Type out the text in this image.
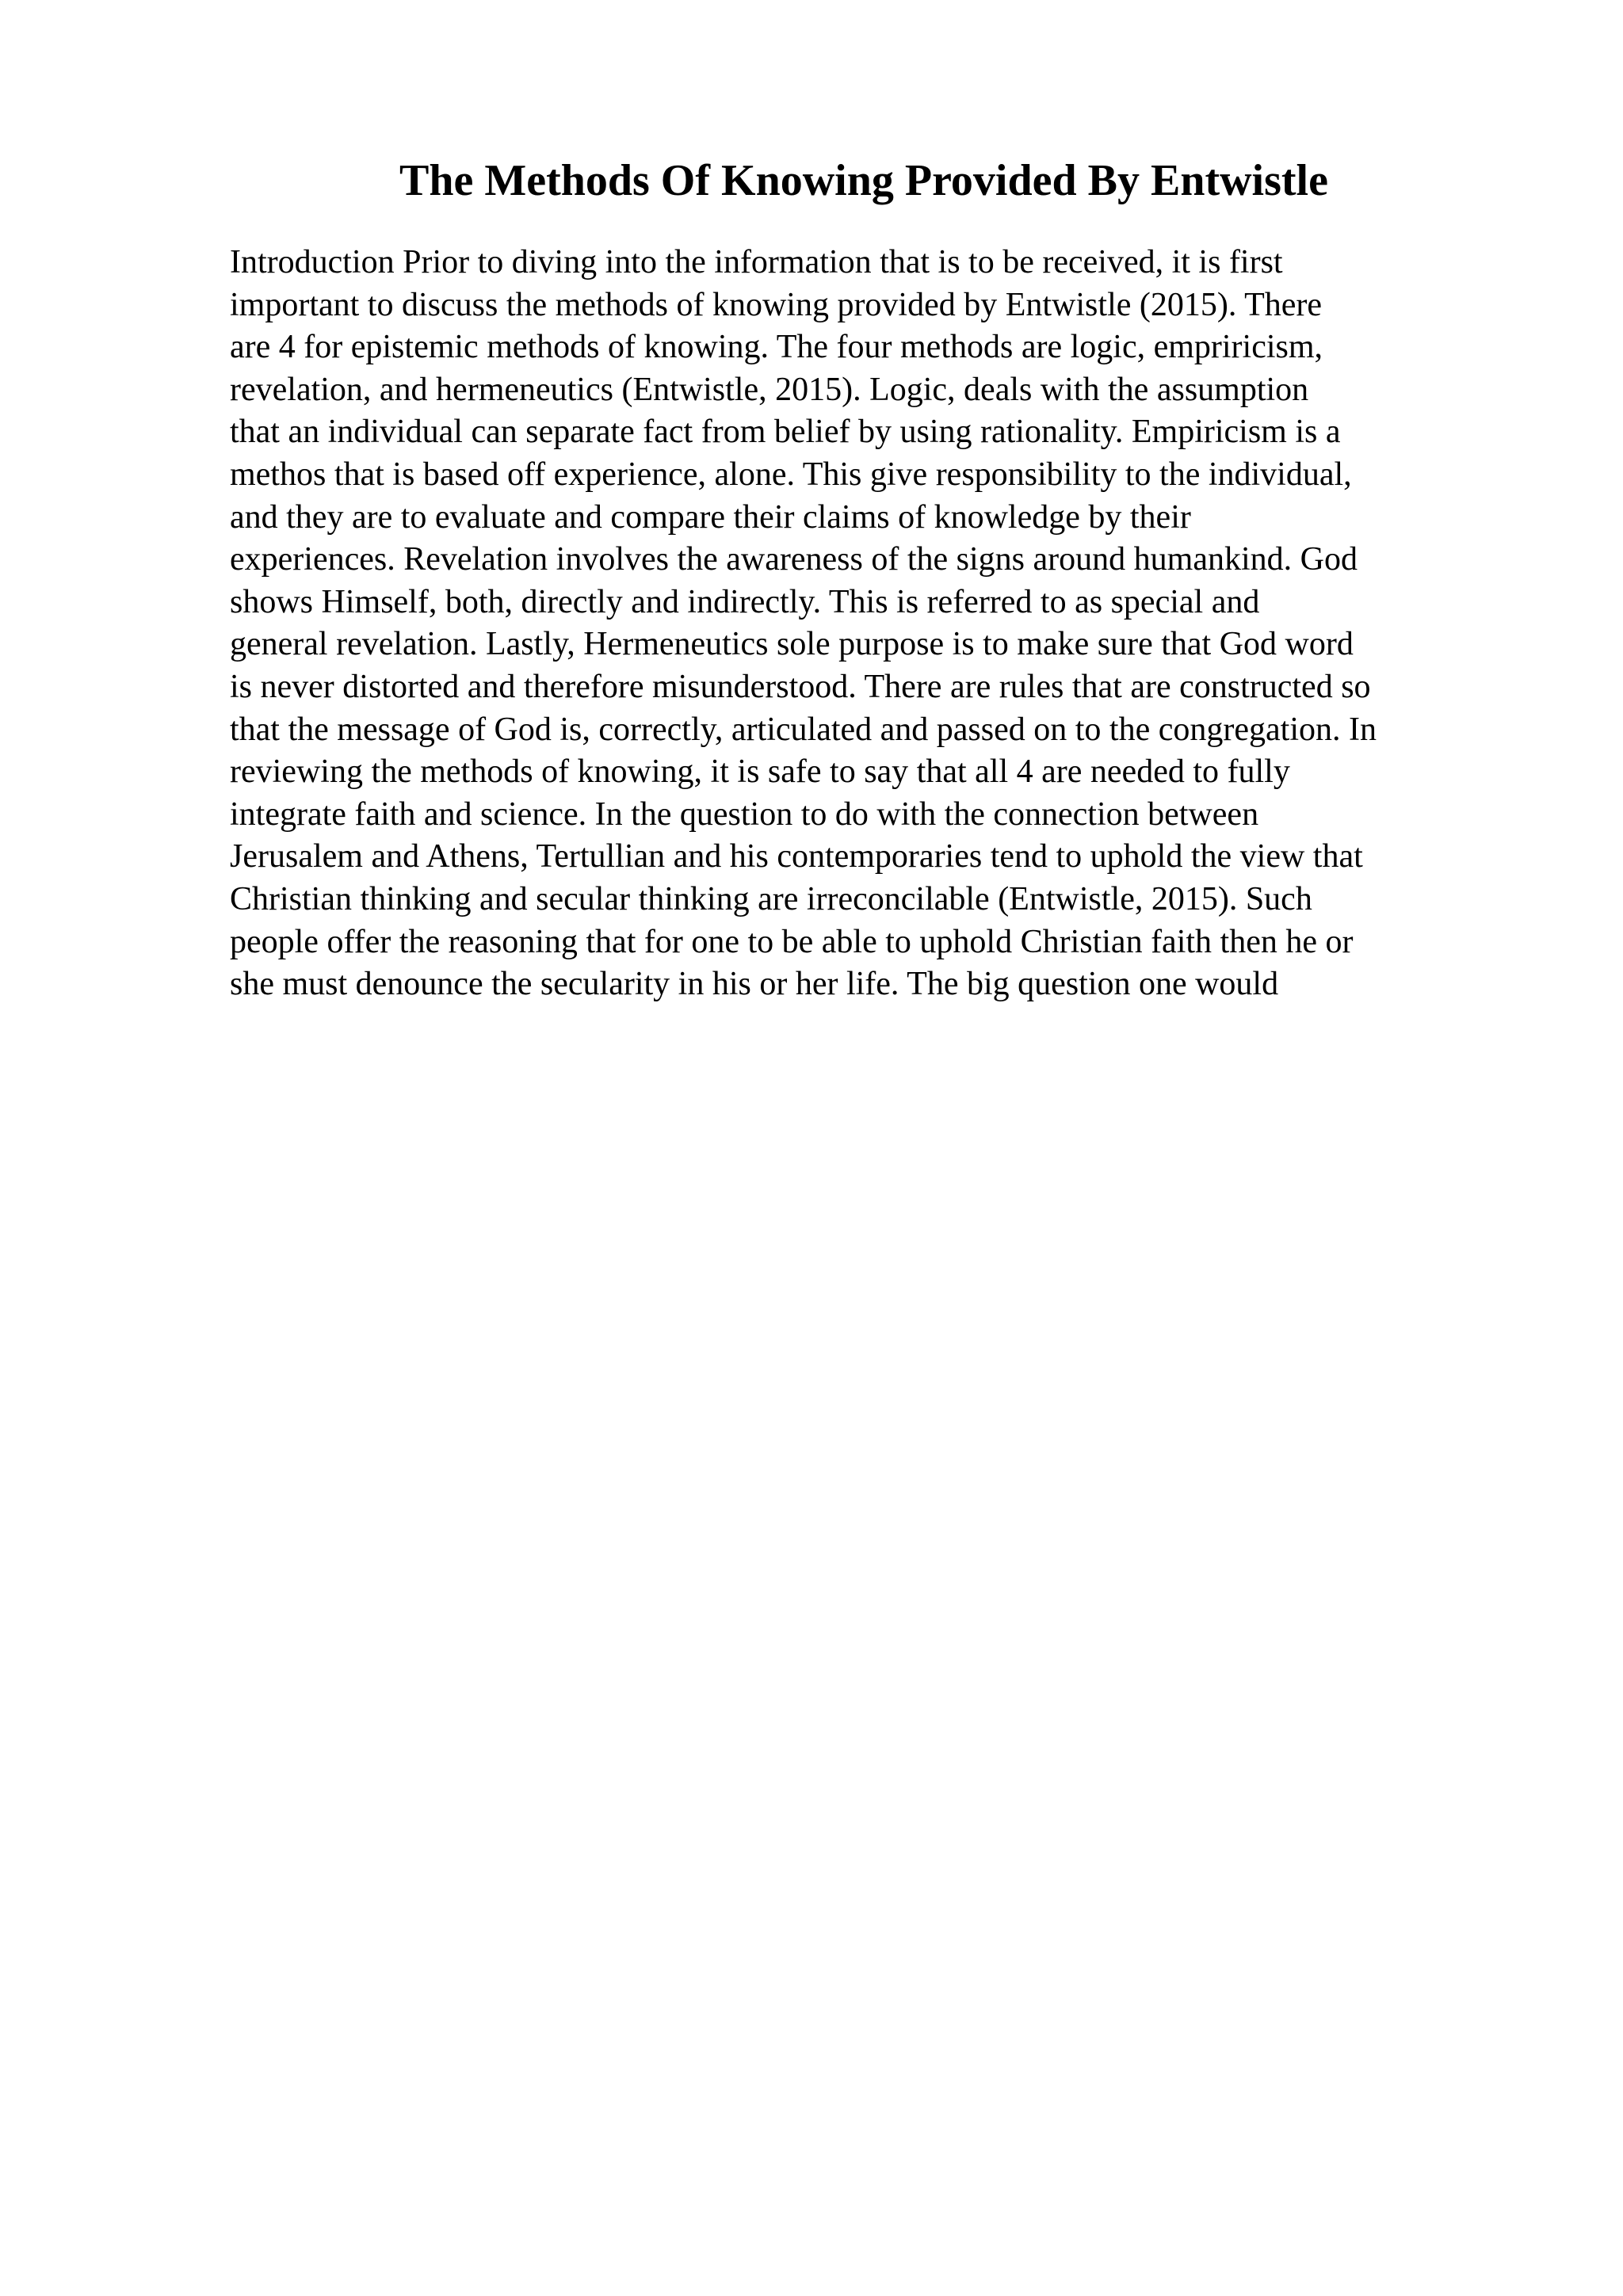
The Methods Of Knowing Provided By Entwistle
Introduction Prior to diving into the information that is to be received, it is first
important to discuss the methods of knowing provided by Entwistle (2015). There
are 4 for epistemic methods of knowing. The four methods are logic, empriricism,
revelation, and hermeneutics (Entwistle, 2015). Logic, deals with the assumption
that an individual can separate fact from belief by using rationality. Empiricism is a
methos that is based off experience, alone. This give responsibility to the individual,
and they are to evaluate and compare their claims of knowledge by their
experiences. Revelation involves the awareness of the signs around humankind. God
shows Himself, both, directly and indirectly. This is referred to as special and
general revelation. Lastly, Hermeneutics sole purpose is to make sure that God word
is never distorted and therefore misunderstood. There are rules that are constructed so
that the message of God is, correctly, articulated and passed on to the congregation. In
reviewing the methods of knowing, it is safe to say that all 4 are needed to fully
integrate faith and science. In the question to do with the connection between
Jerusalem and Athens, Tertullian and his contemporaries tend to uphold the view that
Christian thinking and secular thinking are irreconcilable (Entwistle, 2015). Such
people offer the reasoning that for one to be able to uphold Christian faith then he or
she must denounce the secularity in his or her life. The big question one would
